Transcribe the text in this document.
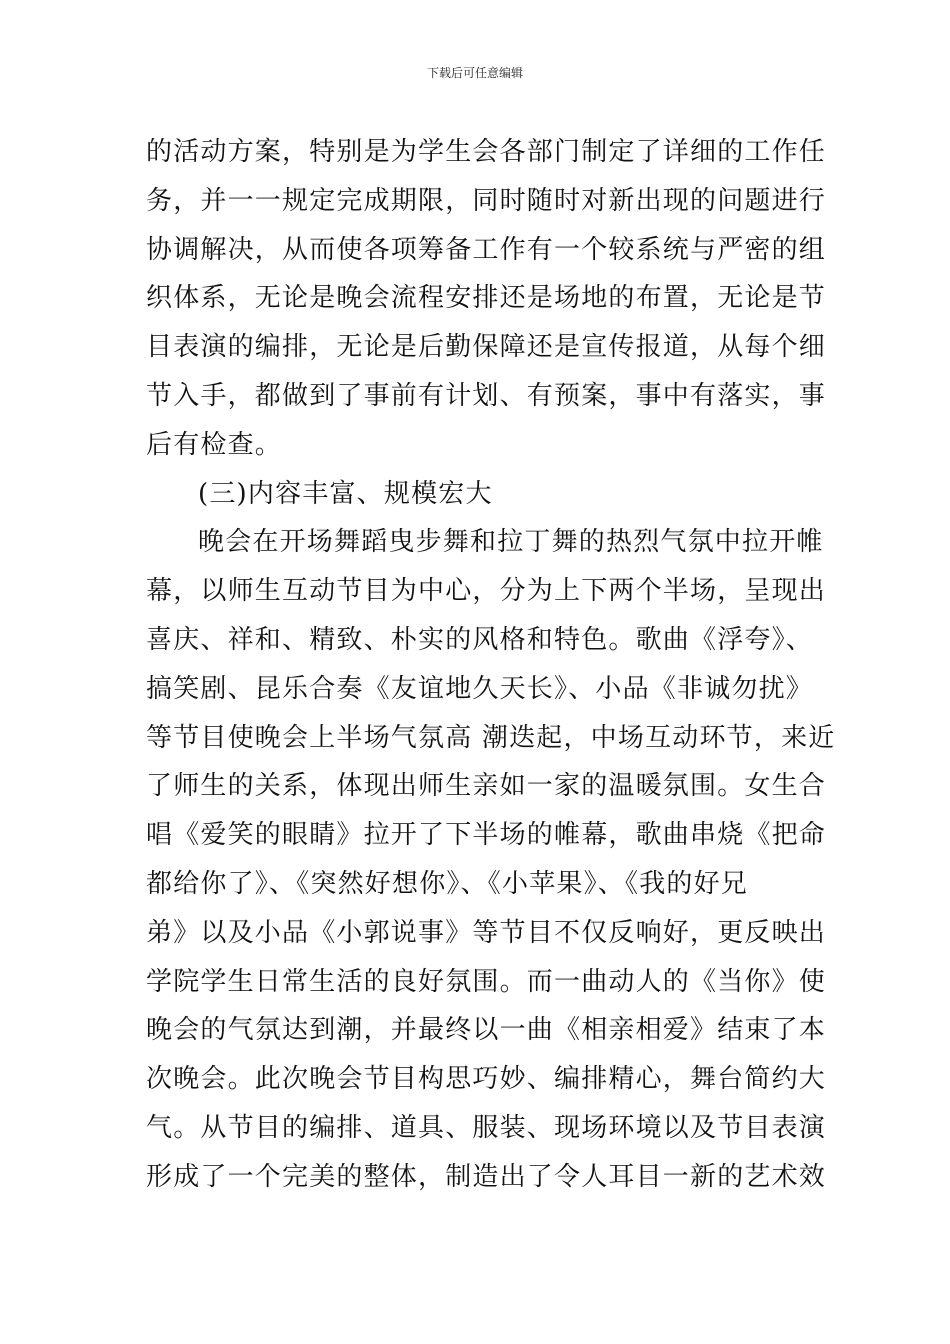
下载后可任意编辑
的活动方案，特别是为学生会各部门制定了详细的工作任
务，并一一规定完成期限，同时随时对新出现的问题进行
协调解决，从而使各项筹备工作有一个较系统与严密的组
织体系，无论是晚会流程安排还是场地的布置，无论是节
目表演的编排，无论是后勤保障还是宣传报道，从每个细
节入手，都做到了事前有计划、有预案，事中有落实，事
后有检查。
(三)内容丰富、规模宏大
晚会在开场舞蹈曳步舞和拉丁舞的热烈气氛中拉开帷
幕，以师生互动节目为中心，分为上下两个半场，呈现出
喜庆、祥和、精致、朴实的风格和特色。歌曲《浮夸》、
搞笑剧、昆乐合奏《友谊地久天长》、小品《非诚勿扰》
等节目使晚会上半场气氛高 潮迭起，中场互动环节，来近
了师生的关系，体现出师生亲如一家的温暖氛围。女生合
唱《爱笑的眼睛》拉开了下半场的帷幕，歌曲串烧《把命
都给你了》、《突然好想你》、《小苹果》、《我的好兄
弟》以及小品《小郭说事》等节目不仅反响好，更反映出
学院学生日常生活的良好氛围。而一曲动人的《当你》使
晚会的气氛达到潮，并最终以一曲《相亲相爱》结束了本
次晚会。此次晚会节目构思巧妙、编排精心，舞台简约大
气。从节目的编排、道具、服装、现场环境以及节目表演
形成了一个完美的整体，制造出了令人耳目一新的艺术效
